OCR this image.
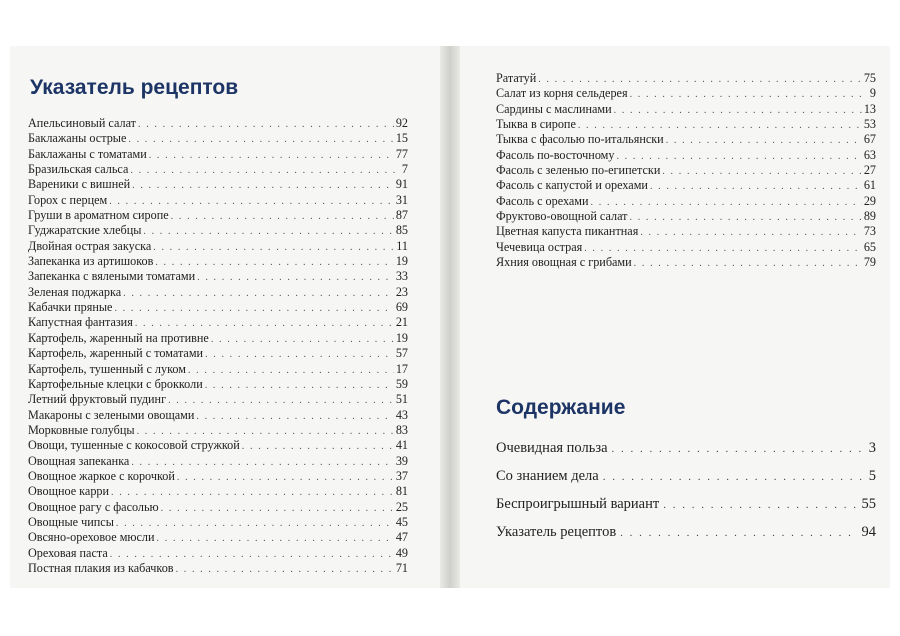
Указатель рецептов
Апельсиновый салат . . .	92
Баклажаны острые . . .	15
Баклажаны с томатами . . .	77
Бразильская сальса . . .	7
Вареники с вишней . . .	91
Горох с перцем . . .	31
Груши в ароматном сиропе . . .	87
Гуджаратские хлебцы . . .	85
Двойная острая закуска . . .	11
Запеканка из артишоков . . .	19
Запеканка с вялеными томатами . . .	33
Зеленая поджарка . . .	23
Кабачки пряные . . .	69
Капустная фантазия . . .	21
Картофель, жаренный на противне . . .	19
Картофель, жаренный с томатами . . .	57
Картофель, тушенный с луком . . .	17
Картофельные клецки с брокколи . . .	59
Летний фруктовый пудинг . . .	51
Макароны с зелеными овощами . . .	43
Морковные голубцы . . .	83
Овощи, тушенные с кокосовой стружкой . . .	41
Овощная запеканка . . .	39
Овощное жаркое с корочкой . . .	37
Овощное карри . . .	81
Овощное рагу с фасолью . . .	25
Овощные чипсы . . .	45
Овсяно-ореховое мюсли . . .	47
Ореховая паста . . .	49
Постная плакия из кабачков . . .	71
Рататуй . . .	75
Салат из корня сельдерея . . .	9
Сардины с маслинами . . .	13
Тыква в сиропе . . .	53
Тыква с фасолью по-итальянски . . .	67
Фасоль по-восточному . . .	63
Фасоль с зеленью по-египетски . . .	27
Фасоль с капустой и орехами . . .	61
Фасоль с орехами . . .	29
Фруктово-овощной салат . . .	89
Цветная капуста пикантная . . .	73
Чечевица острая . . .	65
Яхния овощная с грибами . . .	79
Содержание
Очевидная польза . . .	3
Со знанием дела . . .	5
Беспроигрышный вариант . . .	55
Указатель рецептов . . .	94
